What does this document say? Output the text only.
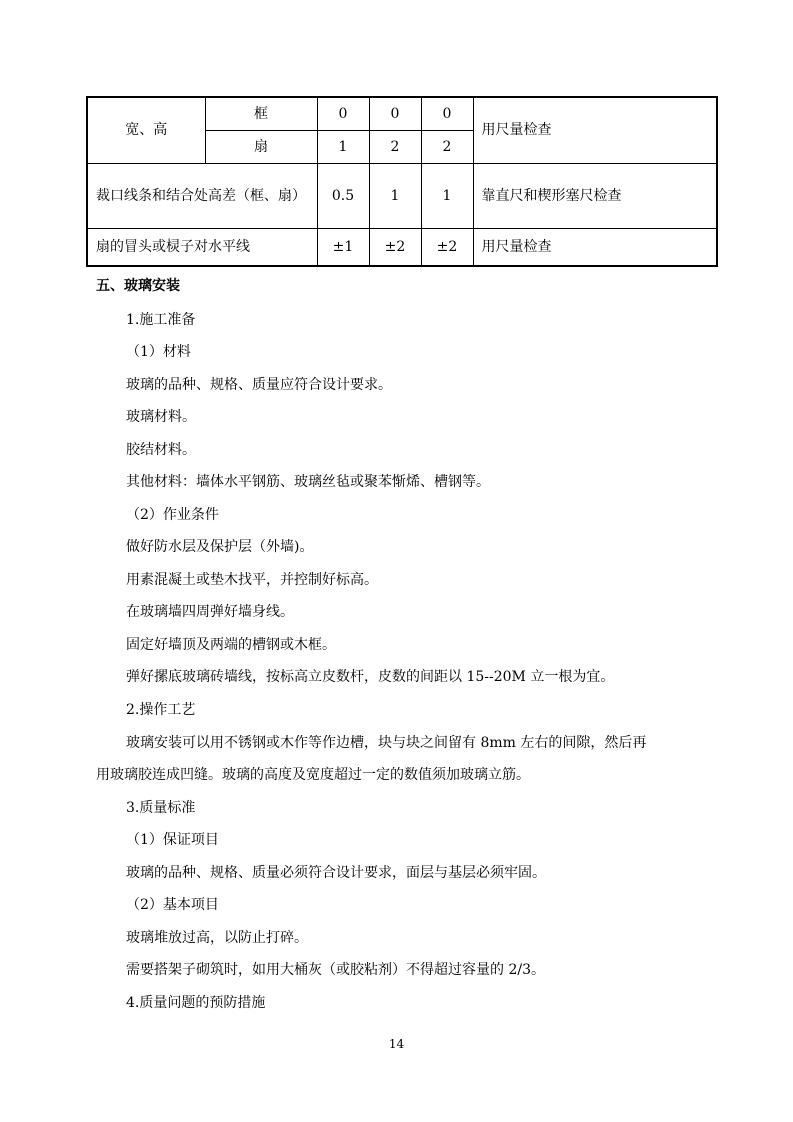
宽、高	框	0	0	0	用尺量检查
	扇	1	2	2	
裁口线条和结合处高差（框、扇）		0.5	1	1	靠直尺和楔形塞尺检查
扇的冒头或棂子对水平线		±1	±2	±2	用尺量检查

五、玻璃安装

1.施工准备

（1）材料

玻璃的品种、规格、质量应符合设计要求。

玻璃材料。

胶结材料。

其他材料：墙体水平钢筋、玻璃丝毡或聚苯惭烯、槽钢等。

（2）作业条件

做好防水层及保护层（外墙)。

用素混凝土或垫木找平，并控制好标高。

在玻璃墙四周弹好墙身线。

固定好墙顶及两端的槽钢或木框。

弹好摞底玻璃砖墙线，按标高立皮数杆，皮数的间距以 15--20M 立一根为宜。

2.操作工艺

玻璃安装可以用不锈钢或木作等作边槽，块与块之间留有 8mm 左右的间隙，然后再

用玻璃胶连成凹缝。玻璃的高度及宽度超过一定的数值须加玻璃立筋。

3.质量标准

（1）保证项目

玻璃的品种、规格、质量必须符合设计要求，面层与基层必须牢固。

（2）基本项目

玻璃堆放过高，以防止打碎。

需要搭架子砌筑时，如用大桶灰（或胶粘剂）不得超过容量的 2/3。

4.质量问题的预防措施

14
